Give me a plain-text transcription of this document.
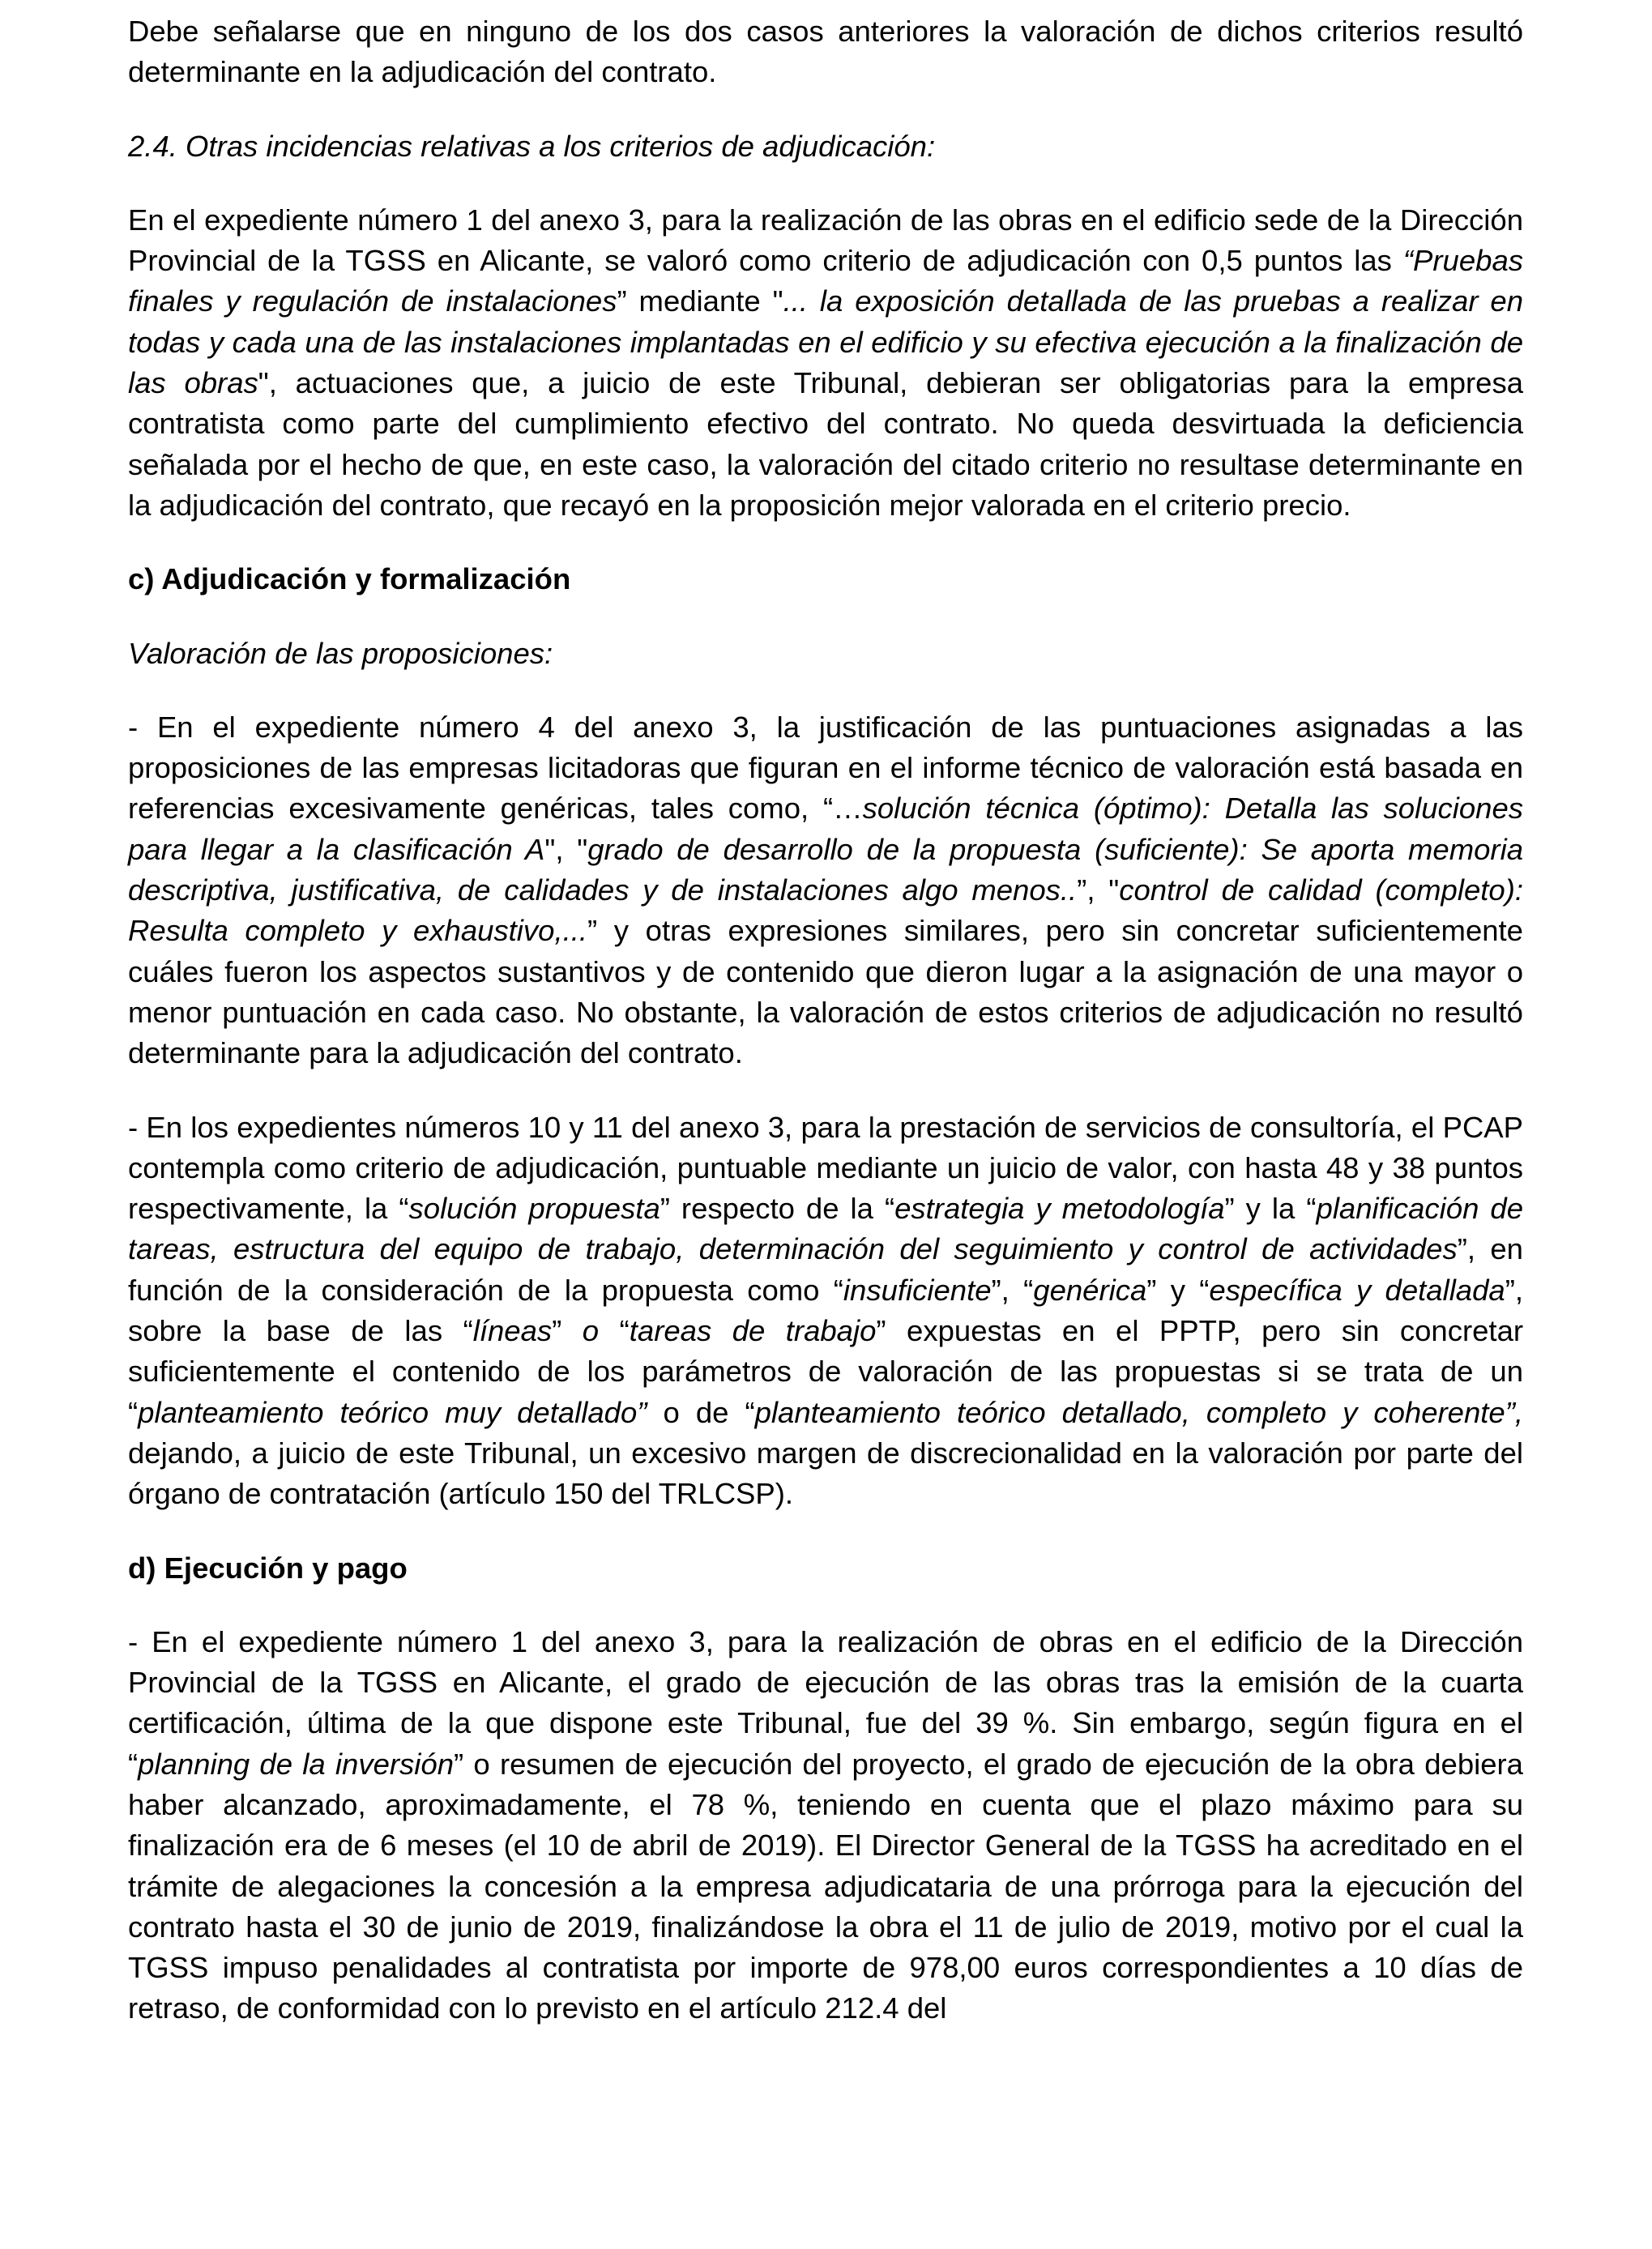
Debe señalarse que en ninguno de los dos casos anteriores la valoración de dichos criterios resultó determinante en la adjudicación del contrato.

2.4. Otras incidencias relativas a los criterios de adjudicación:

En el expediente número 1 del anexo 3, para la realización de las obras en el edificio sede de la Dirección Provincial de la TGSS en Alicante, se valoró como criterio de adjudicación con 0,5 puntos las “Pruebas finales y regulación de instalaciones” mediante "... la exposición detallada de las pruebas a realizar en todas y cada una de las instalaciones implantadas en el edificio y su efectiva ejecución a la finalización de las obras", actuaciones que, a juicio de este Tribunal, debieran ser obligatorias para la empresa contratista como parte del cumplimiento efectivo del contrato. No queda desvirtuada la deficiencia señalada por el hecho de que, en este caso, la valoración del citado criterio no resultase determinante en la adjudicación del contrato, que recayó en la proposición mejor valorada en el criterio precio.

c) Adjudicación y formalización

Valoración de las proposiciones:

- En el expediente número 4 del anexo 3, la justificación de las puntuaciones asignadas a las proposiciones de las empresas licitadoras que figuran en el informe técnico de valoración está basada en referencias excesivamente genéricas, tales como, “…solución técnica (óptimo): Detalla las soluciones para llegar a la clasificación A", "grado de desarrollo de la propuesta (suficiente): Se aporta memoria descriptiva, justificativa, de calidades y de instalaciones algo menos..”, "control de calidad (completo): Resulta completo y exhaustivo,...” y otras expresiones similares, pero sin concretar suficientemente cuáles fueron los aspectos sustantivos y de contenido que dieron lugar a la asignación de una mayor o menor puntuación en cada caso. No obstante, la valoración de estos criterios de adjudicación no resultó determinante para la adjudicación del contrato.

- En los expedientes números 10 y 11 del anexo 3, para la prestación de servicios de consultoría, el PCAP contempla como criterio de adjudicación, puntuable mediante un juicio de valor, con hasta 48 y 38 puntos respectivamente, la “solución propuesta” respecto de la “estrategia y metodología” y la “planificación de tareas, estructura del equipo de trabajo, determinación del seguimiento y control de actividades”, en función de la consideración de la propuesta como “insuficiente”, “genérica” y “específica y detallada”, sobre la base de las “líneas” o “tareas de trabajo” expuestas en el PPTP, pero sin concretar suficientemente el contenido de los parámetros de valoración de las propuestas si se trata de un “planteamiento teórico muy detallado” o de “planteamiento teórico detallado, completo y coherente”, dejando, a juicio de este Tribunal, un excesivo margen de discrecionalidad en la valoración por parte del órgano de contratación (artículo 150 del TRLCSP).

d) Ejecución y pago

- En el expediente número 1 del anexo 3, para la realización de obras en el edificio de la Dirección Provincial de la TGSS en Alicante, el grado de ejecución de las obras tras la emisión de la cuarta certificación, última de la que dispone este Tribunal, fue del 39 %. Sin embargo, según figura en el “planning de la inversión” o resumen de ejecución del proyecto, el grado de ejecución de la obra debiera haber alcanzado, aproximadamente, el 78 %, teniendo en cuenta que el plazo máximo para su finalización era de 6 meses (el 10 de abril de 2019). El Director General de la TGSS ha acreditado en el trámite de alegaciones la concesión a la empresa adjudicataria de una prórroga para la ejecución del contrato hasta el 30 de junio de 2019, finalizándose la obra el 11 de julio de 2019, motivo por el cual la TGSS impuso penalidades al contratista por importe de 978,00 euros correspondientes a 10 días de retraso, de conformidad con lo previsto en el artículo 212.4 del
